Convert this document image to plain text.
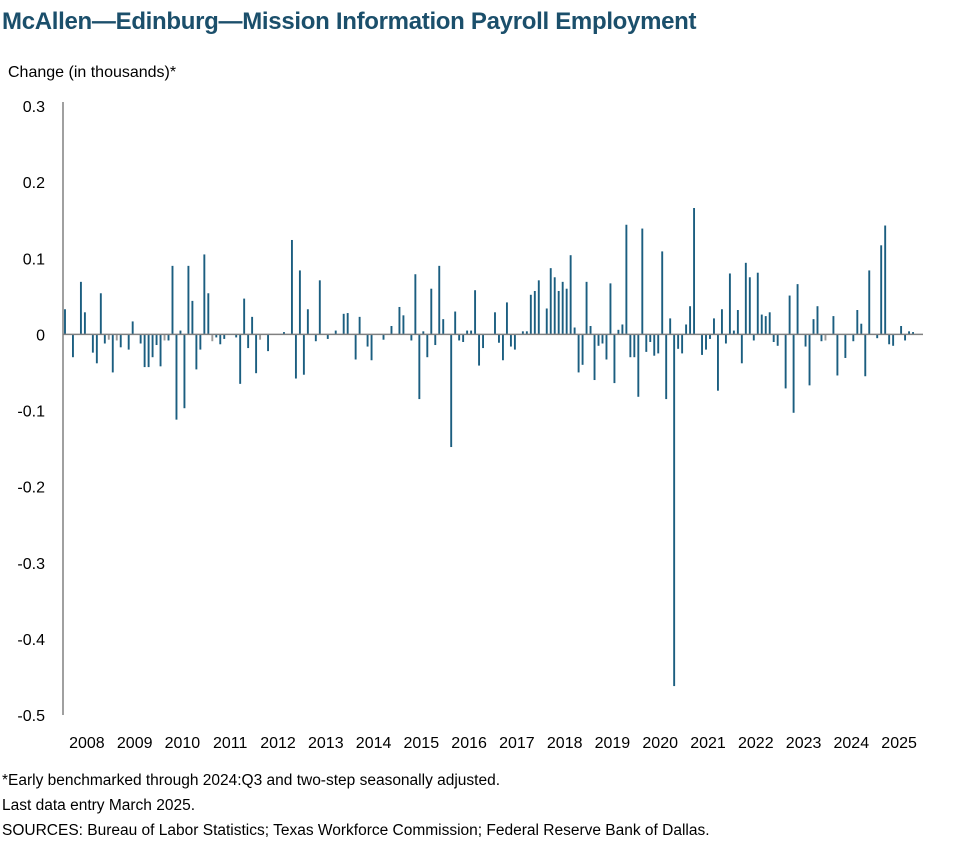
McAllen—Edinburg—Mission Information Payroll Employment
Change (in thousands)*
0.3
0.2
0.1
0
-0.1
-0.2
-0.3
-0.4
-0.5
2008 2009 2010 2011 2012 2013 2014 2015 2016 2017 2018 2019 2020 2021 2022 2023 2024 2025
*Early benchmarked through 2024:Q3 and two-step seasonally adjusted.
Last data entry March 2025.
SOURCES: Bureau of Labor Statistics; Texas Workforce Commission; Federal Reserve Bank of Dallas.
